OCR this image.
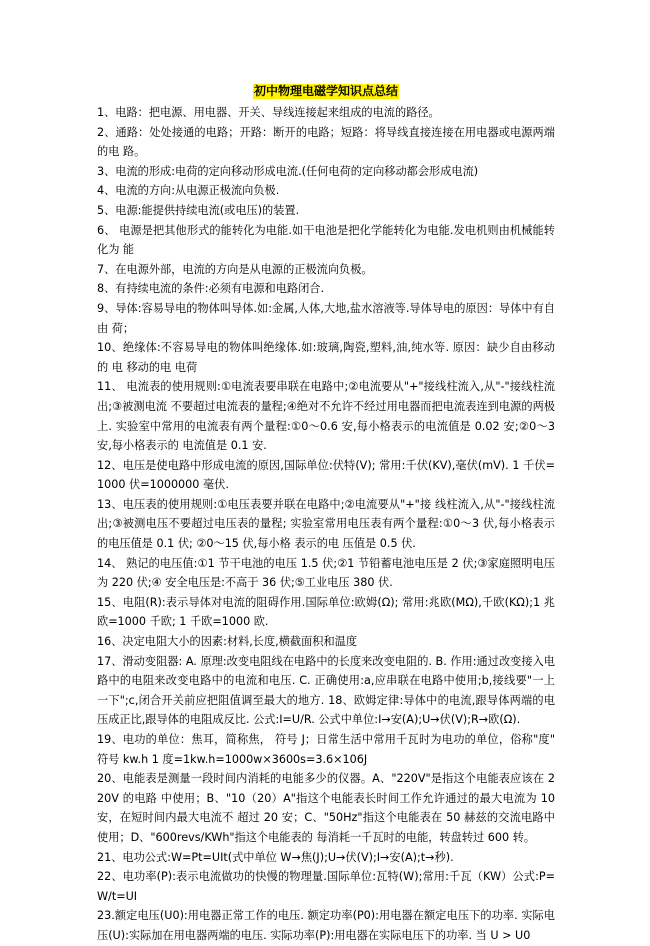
初中物理电磁学知识点总结

1、电路：把电源、用电器、开关、导线连接起来组成的电流的路径。

2、通路：处处接通的电路；开路：断开的电路；短路：将导线直接连接在用电器或电源两端的电 路。

3、电流的形成:电荷的定向移动形成电流.(任何电荷的定向移动都会形成电流)

4、电流的方向:从电源正极流向负极.

5、电源:能提供持续电流(或电压)的装置.

6、 电源是把其他形式的能转化为电能.如干电池是把化学能转化为电能.发电机则由机械能转化为 能

7、在电源外部，电流的方向是从电源的正极流向负极。

8、有持续电流的条件:必须有电源和电路闭合.

9、导体:容易导电的物体叫导体.如:金属,人体,大地,盐水溶液等.导体导电的原因：导体中有自由 荷；

10、绝缘体:不容易导电的物体叫绝缘体.如:玻璃,陶瓷,塑料,油,纯水等. 原因：缺少自由移动的 电 移动的电 电荷

11、 电流表的使用规则:①电流表要串联在电路中;②电流要从"+"接线柱流入,从"-"接线柱流出;③被测电流 不要超过电流表的量程;④绝对不允许不经过用电器而把电流表连到电源的两极上. 实验室中常用的电流表有两个量程:①0～0.6 安,每小格表示的电流值是 0.02 安;②0～3 安,每小格表示的 电流值是 0.1 安.

12、电压是使电路中形成电流的原因,国际单位:伏特(V); 常用:千伏(KV),毫伏(mV). 1 千伏=1000 伏=1000000 毫伏.

13、电压表的使用规则:①电压表要并联在电路中;②电流要从"+"接 线柱流入,从"-"接线柱流出;③被测电压不要超过电压表的量程; 实验室常用电压表有两个量程:①0～3 伏,每小格表示的电压值是 0.1 伏; ②0～15 伏,每小格 表示的电 压值是 0.5 伏.

14、 熟记的电压值:①1 节干电池的电压 1.5 伏;②1 节铅蓄电池电压是 2 伏;③家庭照明电压为 220 伏;④ 安全电压是:不高于 36 伏;⑤工业电压 380 伏.

15、电阻(R):表示导体对电流的阻碍作用.国际单位:欧姆(Ω); 常用:兆欧(MΩ),千欧(KΩ);1 兆欧=1000 千欧; 1 千欧=1000 欧.

16、决定电阻大小的因素:材料,长度,横截面积和温度

17、滑动变阻器: A. 原理:改变电阻线在电路中的长度来改变电阻的. B. 作用:通过改变接入电路中的电阻来改变电路中的电流和电压. C. 正确使用:a,应串联在电路中使用;b,接线要"一上一下";c,闭合开关前应把阻值调至最大的地方. 18、欧姆定律:导体中的电流,跟导体两端的电压成正比,跟导体的电阻成反比. 公式:I=U/R. 公式中单位:I→安(A);U→伏(V);R→欧(Ω).

19、电功的单位：焦耳，简称焦， 符号 J；日常生活中常用千瓦时为电功的单位，俗称"度" 符号 kw.h 1 度=1kw.h=1000w×3600s=3.6×106J

20、电能表是测量一段时间内消耗的电能多少的仪器。A、"220V"是指这个电能表应该在 220V 的电路 中使用；B、"10（20）A"指这个电能表长时间工作允许通过的最大电流为 10 安，在短时间内最大电流不 超过 20 安；C、"50Hz"指这个电能表在 50 赫兹的交流电路中使用；D、"600revs/KWh"指这个电能表的 每消耗一千瓦时的电能，转盘转过 600 转。

21、电功公式:W=Pt=UIt(式中单位 W→焦(J);U→伏(V);I→安(A);t→秒).

22、电功率(P):表示电流做功的快慢的物理量.国际单位:瓦特(W);常用:千瓦（KW）公式:P=W/t=UI

23.额定电压(U0):用电器正常工作的电压. 额定功率(P0):用电器在额定电压下的功率. 实际电压(U):实际加在用电器两端的电压. 实际功率(P):用电器在实际电压下的功率. 当 U > U0
